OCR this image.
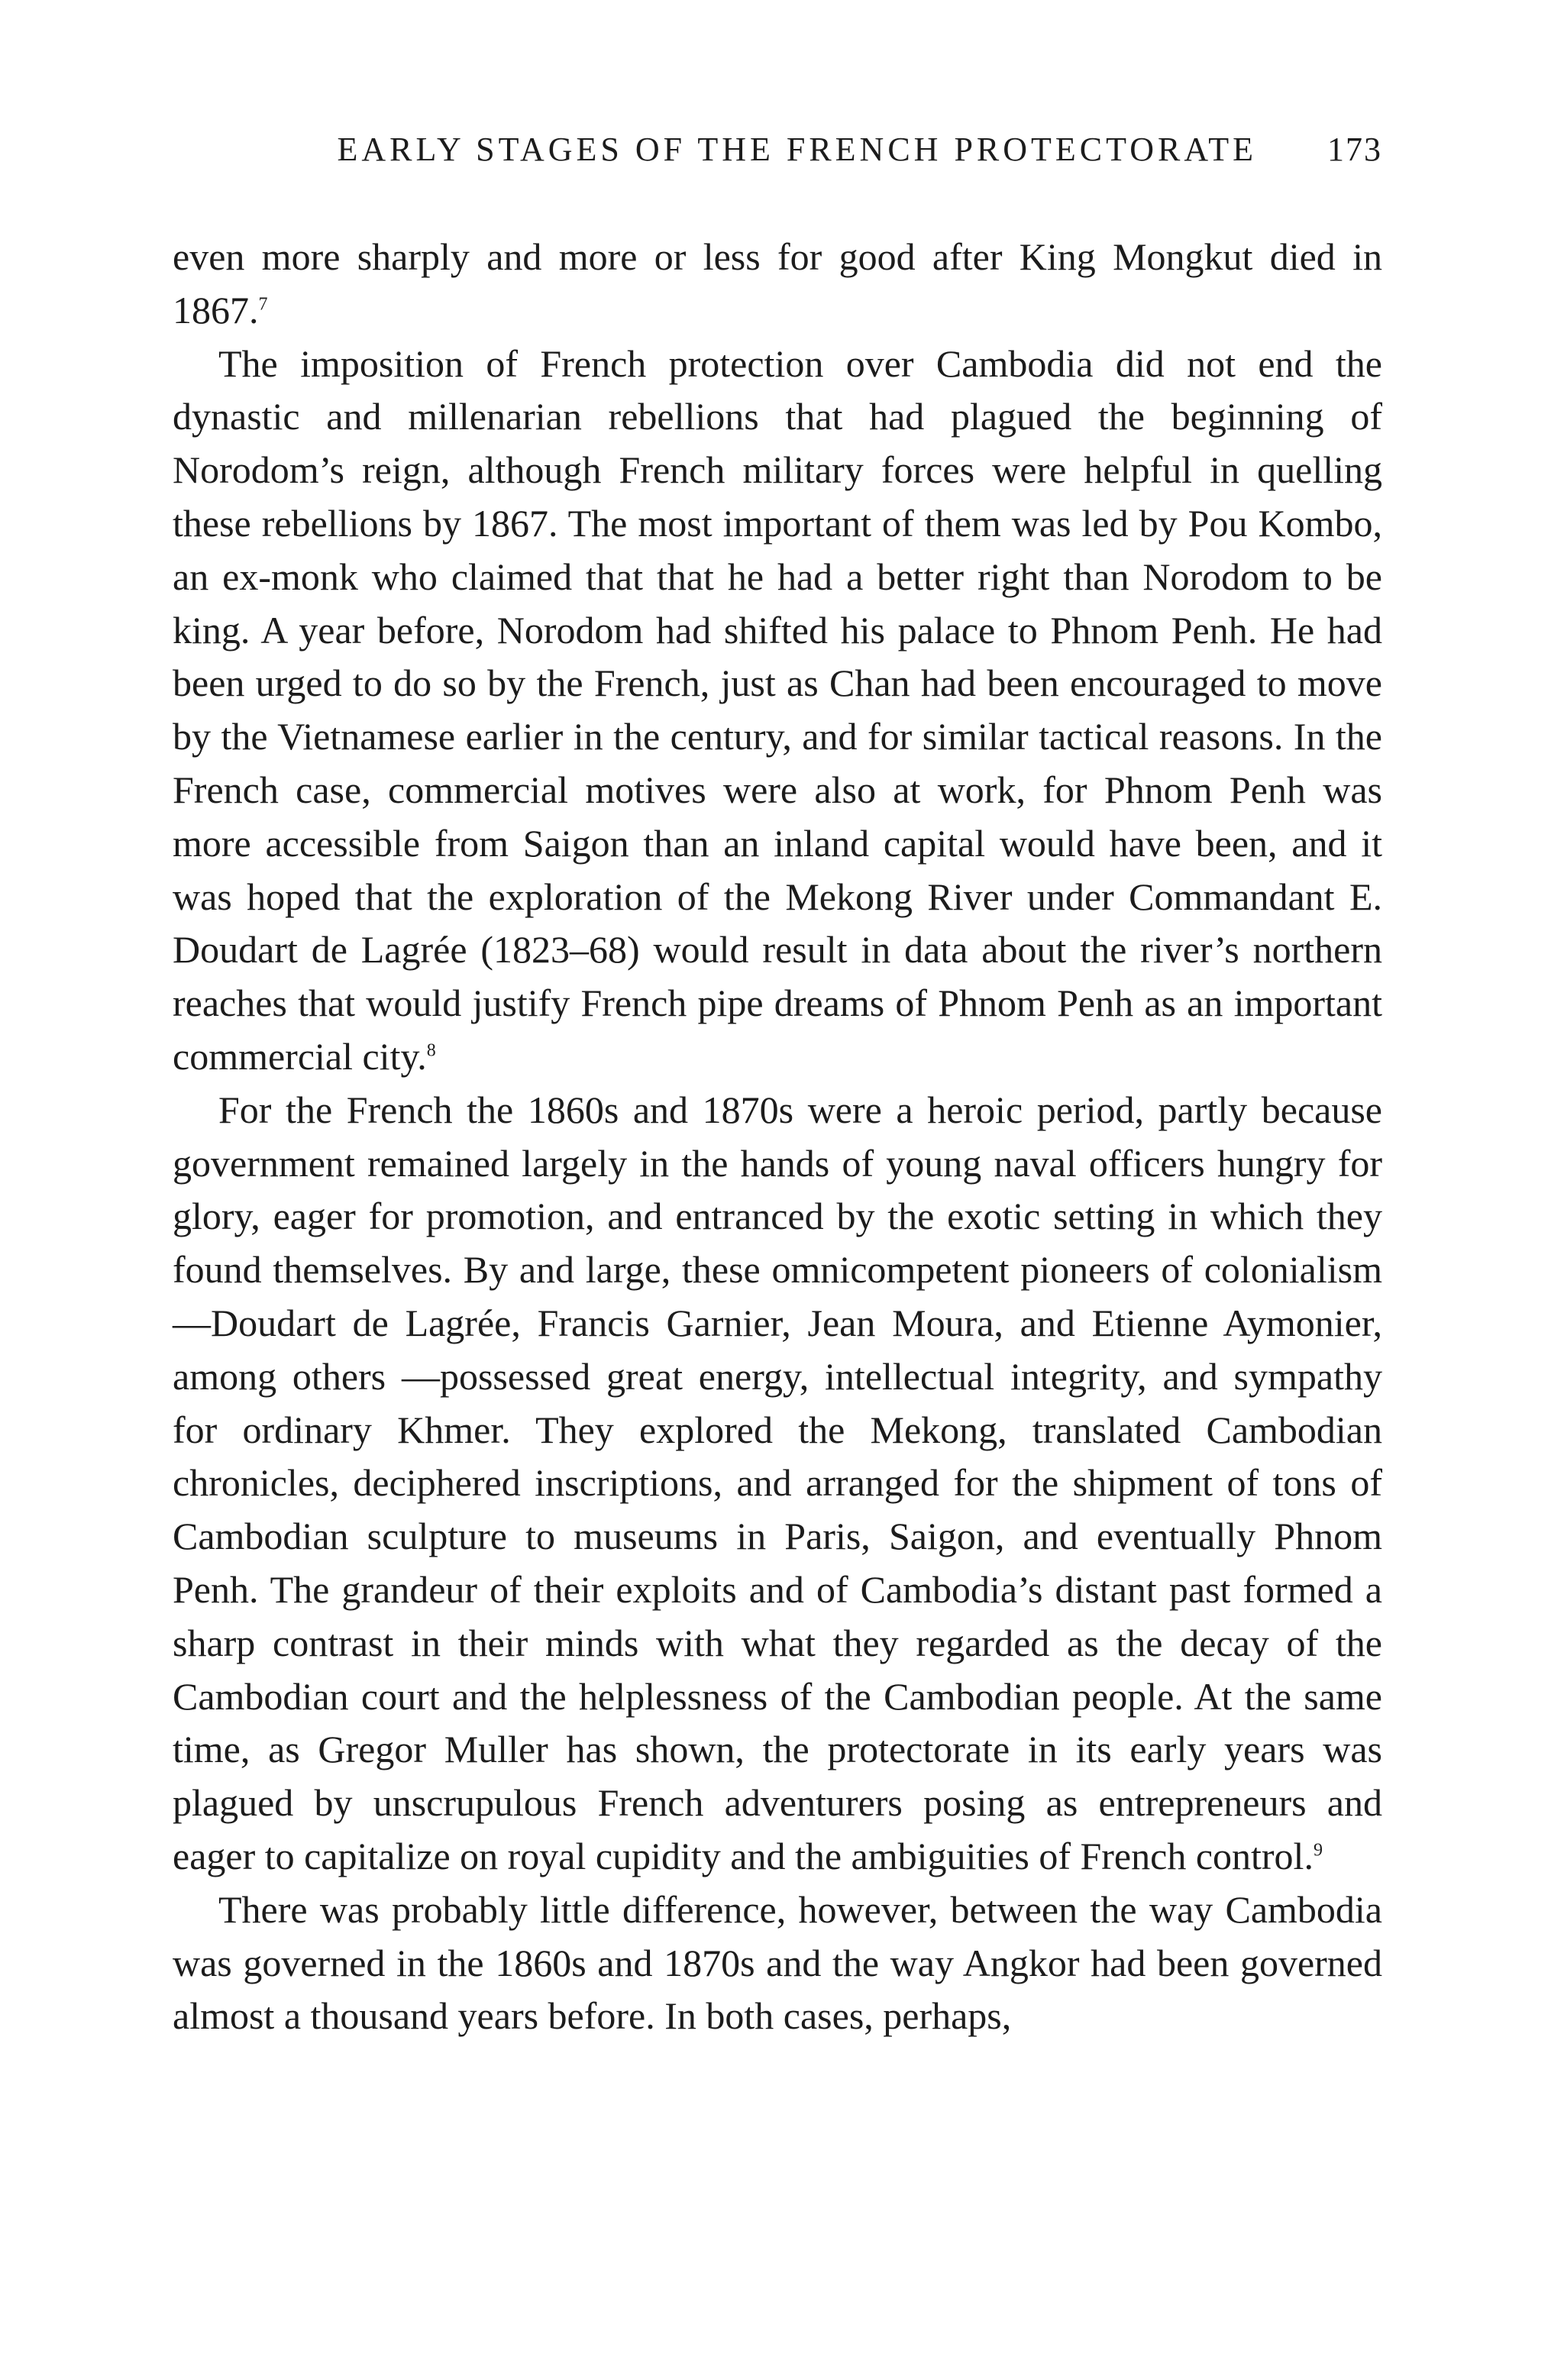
EARLY STAGES OF THE FRENCH PROTECTORATE 173

even more sharply and more or less for good after King Mongkut died in 1867.$^7$

The imposition of French protection over Cambodia did not end the dynastic and millenarian rebellions that had plagued the beginning of Norodom’s reign, although French military forces were helpful in quelling these rebellions by 1867. The most important of them was led by Pou Kombo, an ex-monk who claimed that that he had a better right than Norodom to be king. A year before, Norodom had shifted his palace to Phnom Penh. He had been urged to do so by the French, just as Chan had been encouraged to move by the Vietnamese earlier in the century, and for similar tactical reasons. In the French case, commercial motives were also at work, for Phnom Penh was more accessible from Saigon than an inland capital would have been, and it was hoped that the exploration of the Mekong River under Commandant E. Doudart de Lagrée (1823–68) would result in data about the river’s northern reaches that would justify French pipe dreams of Phnom Penh as an important commercial city.$^8$

For the French the 1860s and 1870s were a heroic period, partly because government remained largely in the hands of young naval officers hungry for glory, eager for promotion, and entranced by the exotic setting in which they found themselves. By and large, these omnicompetent pioneers of colonialism—Doudart de Lagrée, Francis Garnier, Jean Moura, and Etienne Aymonier, among others —possessed great energy, intellectual integrity, and sympathy for ordinary Khmer. They explored the Mekong, translated Cambodian chronicles, deciphered inscriptions, and arranged for the shipment of tons of Cambodian sculpture to museums in Paris, Saigon, and eventually Phnom Penh. The grandeur of their exploits and of Cambodia’s distant past formed a sharp contrast in their minds with what they regarded as the decay of the Cambodian court and the helplessness of the Cambodian people. At the same time, as Gregor Muller has shown, the protectorate in its early years was plagued by unscrupulous French adventurers posing as entrepreneurs and eager to capitalize on royal cupidity and the ambiguities of French control.$^9$

There was probably little difference, however, between the way Cambodia was governed in the 1860s and 1870s and the way Angkor had been governed almost a thousand years before. In both cases, perhaps,
